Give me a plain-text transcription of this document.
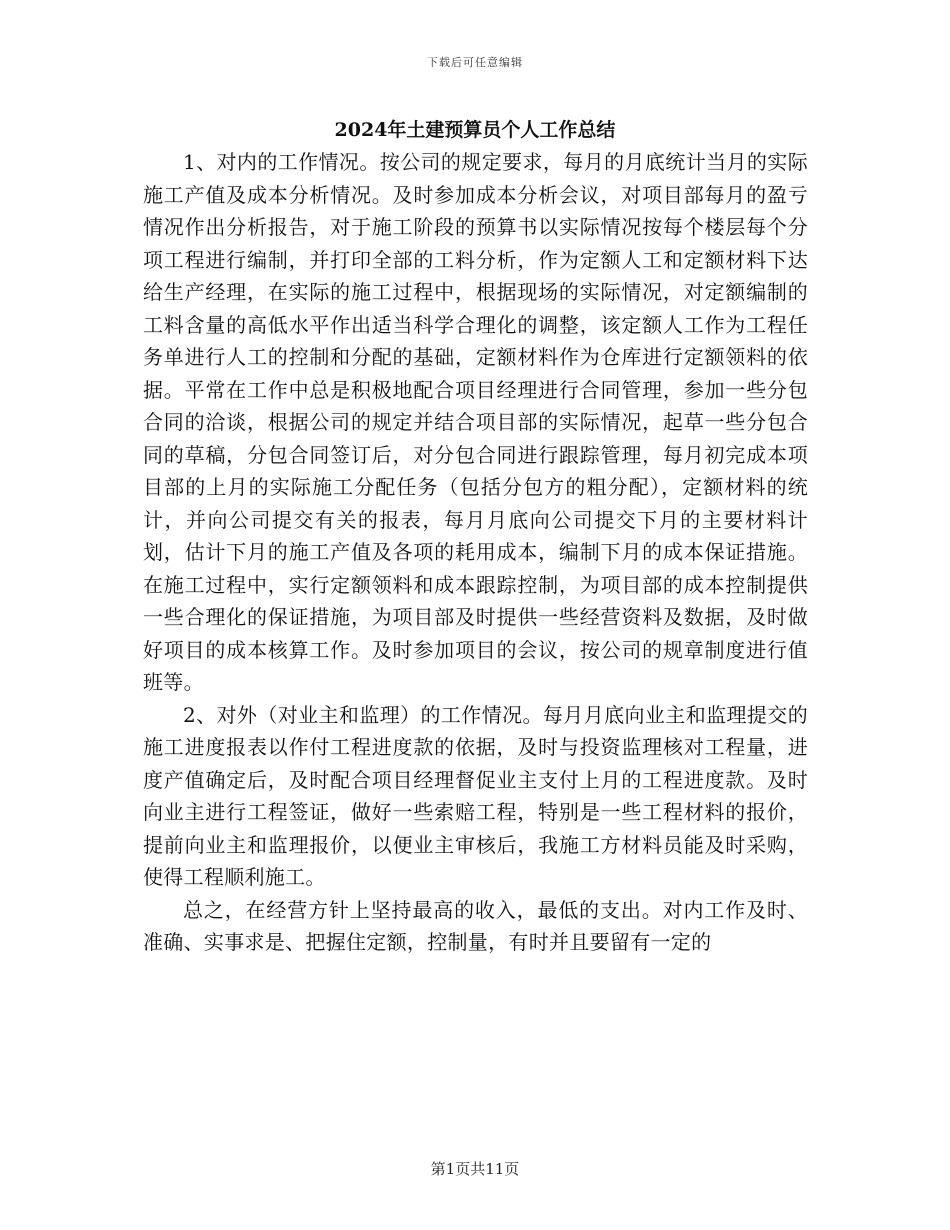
下载后可任意编辑
2024年土建预算员个人工作总结

1、对内的工作情况。按公司的规定要求，每月的月底统计当月的实际施工产值及成本分析情况。及时参加成本分析会议，对项目部每月的盈亏情况作出分析报告，对于施工阶段的预算书以实际情况按每个楼层每个分项工程进行编制，并打印全部的工料分析，作为定额人工和定额材料下达给生产经理，在实际的施工过程中，根据现场的实际情况，对定额编制的工料含量的高低水平作出适当科学合理化的调整，该定额人工作为工程任务单进行人工的控制和分配的基础，定额材料作为仓库进行定额领料的依据。平常在工作中总是积极地配合项目经理进行合同管理，参加一些分包合同的洽谈，根据公司的规定并结合项目部的实际情况，起草一些分包合同的草稿，分包合同签订后，对分包合同进行跟踪管理，每月初完成本项目部的上月的实际施工分配任务（包括分包方的粗分配），定额材料的统计，并向公司提交有关的报表，每月月底向公司提交下月的主要材料计划，估计下月的施工产值及各项的耗用成本，编制下月的成本保证措施。在施工过程中，实行定额领料和成本跟踪控制，为项目部的成本控制提供一些合理化的保证措施，为项目部及时提供一些经营资料及数据，及时做好项目的成本核算工作。及时参加项目的会议，按公司的规章制度进行值班等。

2、对外（对业主和监理）的工作情况。每月月底向业主和监理提交的施工进度报表以作付工程进度款的依据，及时与投资监理核对工程量，进度产值确定后，及时配合项目经理督促业主支付上月的工程进度款。及时向业主进行工程签证，做好一些索赔工程，特别是一些工程材料的报价，提前向业主和监理报价，以便业主审核后，我施工方材料员能及时采购，使得工程顺利施工。

总之，在经营方针上坚持最高的收入，最低的支出。对内工作及时、准确、实事求是、把握住定额，控制量，有时并且要留有一定的

第1页共11页
